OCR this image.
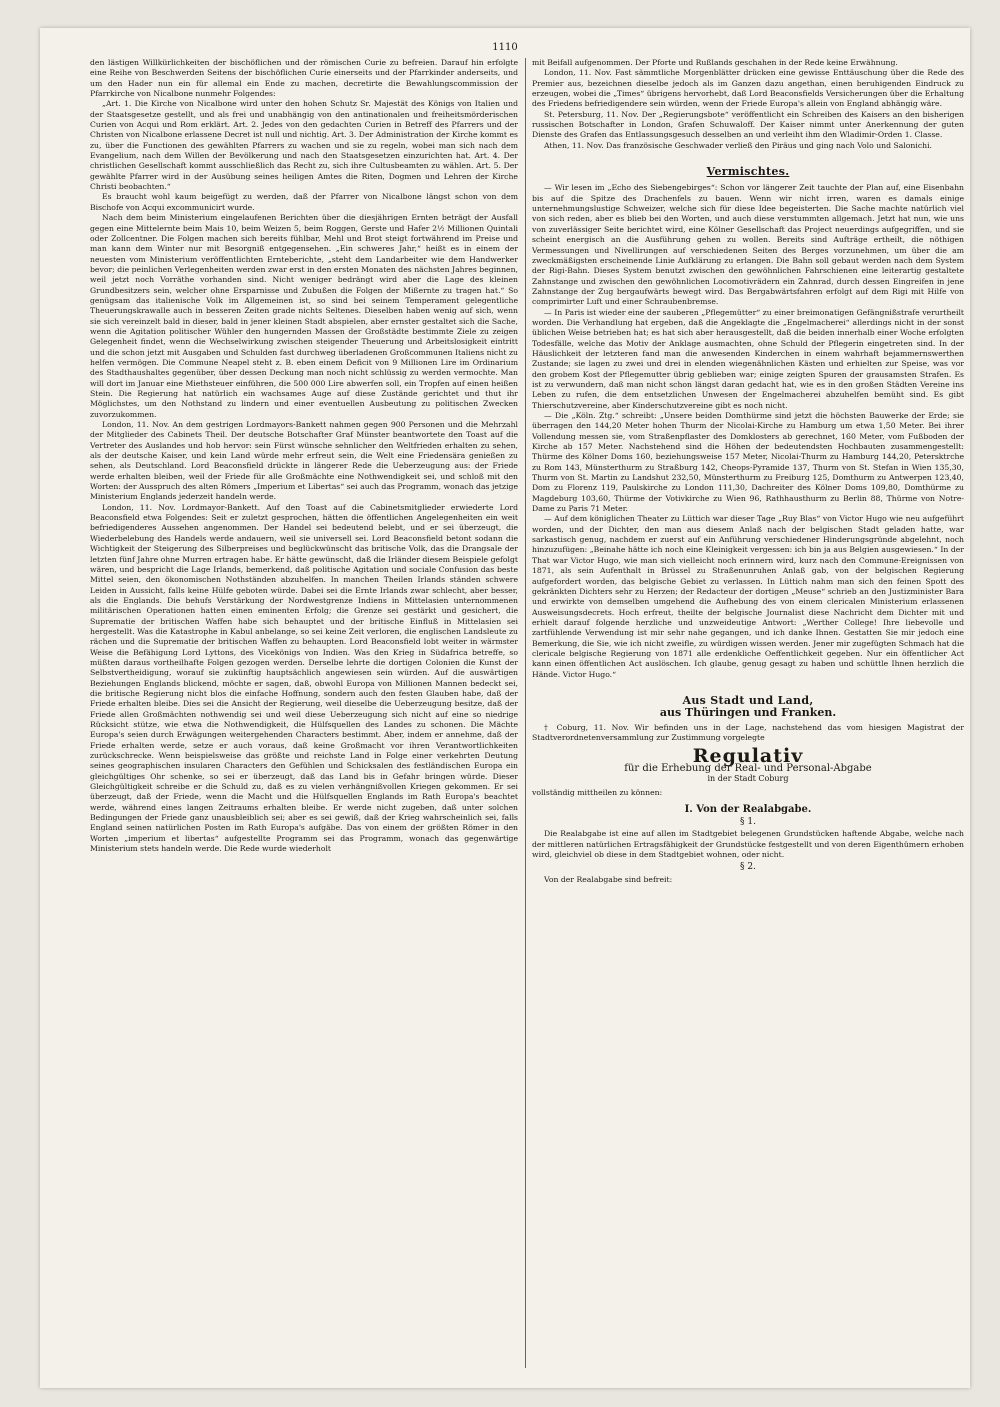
1110

den lästigen Willkürlichkeiten der bischöflichen und der römischen Curie zu befreien. Darauf hin erfolgte eine Reihe von Beschwerden Seitens der bischöflichen Curie einerseits und der Pfarrkinder anderseits, und um den Hader nun ein für allemal ein Ende zu machen, decretirte die Bewahlungscommission der Pfarrkirche von Nicalbone nunmehr Folgendes:

„Art. 1. Die Kirche von Nicalbone wird unter den hohen Schutz Sr. Majestät des Königs von Italien und der Staatsgesetze gestellt, und als frei und unabhängig von den antinationalen und freiheitsmörderischen Curien von Acqui und Rom erklärt. Art. 2. Jedes von den gedachten Curien in Betreff des Pfarrers und der Christen von Nicalbone erlassene Decret ist null und nichtig. Art. 3. Der Administration der Kirche kommt es zu, über die Functionen des gewählten Pfarrers zu wachen und sie zu regeln, wobei man sich nach dem Evangelium, nach dem Willen der Bevölkerung und nach den Staatsgesetzen einzurichten hat. Art. 4. Der christlichen Gesellschaft kommt ausschließlich das Recht zu, sich ihre Cultusbeamten zu wählen. Art. 5. Der gewählte Pfarrer wird in der Ausübung seines heiligen Amtes die Riten, Dogmen und Lehren der Kirche Christi beobachten.“

Es braucht wohl kaum beigefügt zu werden, daß der Pfarrer von Nicalbone längst schon von dem Bischofe von Acqui excommunicirt wurde.

Nach dem beim Ministerium eingelaufenen Berichten über die diesjährigen Ernten beträgt der Ausfall gegen eine Mittelernte beim Mais 10, beim Weizen 5, beim Roggen, Gerste und Hafer 2½ Millionen Quintali oder Zollcentner. Die Folgen machen sich bereits fühlbar, Mehl und Brot steigt fortwährend im Preise und man kann dem Winter nur mit Besorgniß entgegensehen. „Ein schweres Jahr,“ heißt es in einem der neuesten vom Ministerium veröffentlichten Ernteberichte, „steht dem Landarbeiter wie dem Handwerker bevor; die peinlichen Verlegenheiten werden zwar erst in den ersten Monaten des nächsten Jahres beginnen, weil jetzt noch Vorräthe vorhanden sind. Nicht weniger bedrängt wird aber die Lage des kleinen Grundbesitzers sein, welcher ohne Ersparnisse und Zubußen die Folgen der Mißernte zu tragen hat.“ So genügsam das italienische Volk im Allgemeinen ist, so sind bei seinem Temperament gelegentliche Theuerungskrawalle auch in besseren Zeiten grade nichts Seltenes. Dieselben haben wenig auf sich, wenn sie sich vereinzelt bald in dieser, bald in jener kleinen Stadt abspielen, aber ernster gestaltet sich die Sache, wenn die Agitation politischer Wühler den hungernden Massen der Großstädte bestimmte Ziele zu zeigen Gelegenheit findet, wenn die Wechselwirkung zwischen steigender Theuerung und Arbeitslosigkeit eintritt und die schon jetzt mit Ausgaben und Schulden fast durchweg überladenen Großcommunen Italiens nicht zu helfen vermögen. Die Commune Neapel steht z. B. eben einem Deficit von 9 Millionen Lire im Ordinarium des Stadthaushaltes gegenüber, über dessen Deckung man noch nicht schlüssig zu werden vermochte. Man will dort im Januar eine Miethsteuer einführen, die 500 000 Lire abwerfen soll, ein Tropfen auf einen heißen Stein. Die Regierung hat natürlich ein wachsames Auge auf diese Zustände gerichtet und thut ihr Möglichstes, um den Nothstand zu lindern und einer eventuellen Ausbeutung zu politischen Zwecken zuvorzukommen.

London, 11. Nov. An dem gestrigen Lordmayors-Bankett nahmen gegen 900 Personen und die Mehrzahl der Mitglieder des Cabinets Theil. Der deutsche Botschafter Graf Münster beantwortete den Toast auf die Vertreter des Auslandes und hob hervor: sein Fürst wünsche sehnlicher den Weltfrieden erhalten zu sehen, als der deutsche Kaiser, und kein Land würde mehr erfreut sein, die Welt eine Friedensära genießen zu sehen, als Deutschland. Lord Beaconsfield drückte in längerer Rede die Ueberzeugung aus: der Friede werde erhalten bleiben, weil der Friede für alle Großmächte eine Nothwendigkeit sei, und schloß mit den Worten: der Ausspruch des alten Römers „Imperium et Libertas“ sei auch das Programm, wonach das jetzige Ministerium Englands jederzeit handeln werde.

London, 11. Nov. Lordmayor-Bankett. Auf den Toast auf die Cabinetsmitglieder erwiederte Lord Beaconsfield etwa Folgendes: Seit er zuletzt gesprochen, hätten die öffentlichen Angelegenheiten ein weit befriedigenderes Aussehen angenommen. Der Handel sei bedeutend belebt, und er sei überzeugt, die Wiederbelebung des Handels werde andauern, weil sie universell sei. Lord Beaconsfield betont sodann die Wichtigkeit der Steigerung des Silberpreises und beglückwünscht das britische Volk, das die Drangsale der letzten fünf Jahre ohne Murren ertragen habe. Er hätte gewünscht, daß die Irländer diesem Beispiele gefolgt wären, und bespricht die Lage Irlands, bemerkend, daß politische Agitation und sociale Confusion das beste Mittel seien, den ökonomischen Nothständen abzuhelfen. In manchen Theilen Irlands ständen schwere Leiden in Aussicht, falls keine Hülfe geboten würde. Dabei sei die Ernte Irlands zwar schlecht, aber besser, als die Englands. Die behufs Verstärkung der Nordwestgrenze Indiens in Mittelasien unternommenen militärischen Operationen hatten einen eminenten Erfolg; die Grenze sei gestärkt und gesichert, die Suprematie der britischen Waffen habe sich behauptet und der britische Einfluß in Mittelasien sei hergestellt. Was die Katastrophe in Kabul anbelange, so sei keine Zeit verloren, die englischen Landsleute zu rächen und die Suprematie der britischen Waffen zu behaupten. Lord Beaconsfield lobt weiter in wärmster Weise die Befähigung Lord Lyttons, des Vicekönigs von Indien. Was den Krieg in Südafrica betreffe, so müßten daraus vortheilhafte Folgen gezogen werden. Derselbe lehrte die dortigen Colonien die Kunst der Selbstvertheidigung, worauf sie zukünftig hauptsächlich angewiesen sein würden. Auf die auswärtigen Beziehungen Englands blickend, möchte er sagen, daß, obwohl Europa von Millionen Mannen bedeckt sei, die britische Regierung nicht blos die einfache Hoffnung, sondern auch den festen Glauben habe, daß der Friede erhalten bleibe. Dies sei die Ansicht der Regierung, weil dieselbe die Ueberzeugung besitze, daß der Friede allen Großmächten nothwendig sei und weil diese Ueberzeugung sich nicht auf eine so niedrige Rücksicht stütze, wie etwa die Nothwendigkeit, die Hülfsquellen des Landes zu schonen. Die Mächte Europa's seien durch Erwägungen weitergehenden Characters bestimmt. Aber, indem er annehme, daß der Friede erhalten werde, setze er auch voraus, daß keine Großmacht vor ihren Verantwortlichkeiten zurückschrecke. Wenn beispielsweise das größte und reichste Land in Folge einer verkehrten Deutung seines geographischen insularen Characters den Gefühlen und Schicksalen des festländischen Europa ein gleichgültiges Ohr schenke, so sei er überzeugt, daß das Land bis in Gefahr bringen würde. Dieser Gleichgültigkeit schreibe er die Schuld zu, daß es zu vielen verhängnißvollen Kriegen gekommen. Er sei überzeugt, daß der Friede, wenn die Macht und die Hülfsquellen Englands im Rath Europa's beachtet werde, während eines langen Zeitraums erhalten bleibe. Er werde nicht zugeben, daß unter solchen Bedingungen der Friede ganz unausbleiblich sei; aber es sei gewiß, daß der Krieg wahrscheinlich sei, falls England seinen natürlichen Posten im Rath Europa's aufgäbe. Das von einem der größten Römer in den Worten „imperium et libertas“ aufgestellte Programm sei das Programm, wonach das gegenwärtige Ministerium stets handeln werde. Die Rede wurde wiederholt

mit Beifall aufgenommen. Der Pforte und Rußlands geschahen in der Rede keine Erwähnung.

London, 11. Nov. Fast sämmtliche Morgenblätter drücken eine gewisse Enttäuschung über die Rede des Premier aus, bezeichnen dieselbe jedoch als im Ganzen dazu angethan, einen beruhigenden Eindruck zu erzeugen, wobei die „Times“ übrigens hervorhebt, daß Lord Beaconsfields Versicherungen über die Erhaltung des Friedens befriedigendere sein würden, wenn der Friede Europa's allein von England abhängig wäre.

St. Petersburg, 11. Nov. Der „Regierungsbote“ veröffentlicht ein Schreiben des Kaisers an den bisherigen russischen Botschafter in London, Grafen Schuwaloff. Der Kaiser nimmt unter Anerkennung der guten Dienste des Grafen das Entlassungsgesuch desselben an und verleiht ihm den Wladimir-Orden 1. Classe.

Athen, 11. Nov. Das französische Geschwader verließ den Piräus und ging nach Volo und Salonichi.

Vermischtes.

— Wir lesen im „Echo des Siebengebirges“: Schon vor längerer Zeit tauchte der Plan auf, eine Eisenbahn bis auf die Spitze des Drachenfels zu bauen. Wenn wir nicht irren, waren es damals einige unternehmungslustige Schweizer, welche sich für diese Idee begeisterten. Die Sache machte natürlich viel von sich reden, aber es blieb bei den Worten, und auch diese verstummten allgemach. Jetzt hat nun, wie uns von zuverlässiger Seite berichtet wird, eine Kölner Gesellschaft das Project neuerdings aufgegriffen, und sie scheint energisch an die Ausführung gehen zu wollen. Bereits sind Aufträge ertheilt, die nöthigen Vermessungen und Nivellirungen auf verschiedenen Seiten des Berges vorzunehmen, um über die am zweckmäßigsten erscheinende Linie Aufklärung zu erlangen. Die Bahn soll gebaut werden nach dem System der Rigi-Bahn. Dieses System benutzt zwischen den gewöhnlichen Fahrschienen eine leiterartig gestaltete Zahnstange und zwischen den gewöhnlichen Locomotivrädern ein Zahnrad, durch dessen Eingreifen in jene Zahnstange der Zug bergaufwärts bewegt wird. Das Bergabwärtsfahren erfolgt auf dem Rigi mit Hilfe von comprimirter Luft und einer Schraubenbremse.

— In Paris ist wieder eine der sauberen „Pflegemütter“ zu einer breimonatigen Gefängnißstrafe verurtheilt worden. Die Verhandlung hat ergeben, daß die Angeklagte die „Engelmacherei“ allerdings nicht in der sonst üblichen Weise betrieben hat; es hat sich aber herausgestellt, daß die beiden innerhalb einer Woche erfolgten Todesfälle, welche das Motiv der Anklage ausmachten, ohne Schuld der Pflegerin eingetreten sind. In der Häuslichkeit der letzteren fand man die anwesenden Kinderchen in einem wahrhaft bejammernswerthen Zustande; sie lagen zu zwei und drei in elenden wiegenähnlichen Kästen und erhielten zur Speise, was vor den grobem Kost der Pflegemutter übrig geblieben war; einige zeigten Spuren der grausamsten Strafen. Es ist zu verwundern, daß man nicht schon längst daran gedacht hat, wie es in den großen Städten Vereine ins Leben zu rufen, die dem entsetzlichen Unwesen der Engelmacherei abzuhelfen bemüht sind. Es gibt Thierschutzvereine, aber Kinderschutzvereine gibt es noch nicht.

— Die „Köln. Ztg.“ schreibt: „Unsere beiden Domthürme sind jetzt die höchsten Bauwerke der Erde; sie überragen den 144,20 Meter hohen Thurm der Nicolai-Kirche zu Hamburg um etwa 1,50 Meter. Bei ihrer Vollendung messen sie, vom Straßenpflaster des Domklosters ab gerechnet, 160 Meter, vom Fußboden der Kirche ab 157 Meter. Nachstehend sind die Höhen der bedeutendsten Hochbauten zusammengestellt: Thürme des Kölner Doms 160, beziehungsweise 157 Meter, Nicolai-Thurm zu Hamburg 144,20, Petersktrche zu Rom 143, Münsterthurm zu Straßburg 142, Cheops-Pyramide 137, Thurm von St. Stefan in Wien 135,30, Thurm von St. Martin zu Landshut 232,50, Münsterthurm zu Freiburg 125, Domthurm zu Antwerpen 123,40, Dom zu Florenz 119, Paulskirche zu London 111,30, Dachreiter des Kölner Doms 109,80, Domthürme zu Magdeburg 103,60, Thürme der Votivkirche zu Wien 96, Rathhausthurm zu Berlin 88, Thürme von Notre-Dame zu Paris 71 Meter.

— Auf dem königlichen Theater zu Lüttich war dieser Tage „Ruy Blas“ von Victor Hugo wie neu aufgeführt worden, und der Dichter, den man aus diesem Anlaß nach der belgischen Stadt geladen hatte, war sarkastisch genug, nachdem er zuerst auf ein Anführung verschiedener Hinderungsgründe abgelehnt, noch hinzuzufügen: „Beinahe hätte ich noch eine Kleinigkeit vergessen: ich bin ja aus Belgien ausgewiesen.“ In der That war Victor Hugo, wie man sich vielleicht noch erinnern wird, kurz nach den Commune-Ereignissen von 1871, als sein Aufenthalt in Brüssel zu Straßenunruhen Anlaß gab, von der belgischen Regierung aufgefordert worden, das belgische Gebiet zu verlassen. In Lüttich nahm man sich den feinen Spott des gekränkten Dichters sehr zu Herzen; der Redacteur der dortigen „Meuse“ schrieb an den Justizminister Bara und erwirkte von demselben umgehend die Aufhebung des von einem clericalen Ministerium erlassenen Ausweisungsdecrets. Hoch erfreut, theilte der belgische Journalist diese Nachricht dem Dichter mit und erhielt darauf folgende herzliche und unzweideutige Antwort: „Werther College! Ihre liebevolle und zartfühlende Verwendung ist mir sehr nahe gegangen, und ich danke Ihnen. Gestatten Sie mir jedoch eine Bemerkung, die Sie, wie ich nicht zweifle, zu würdigen wissen werden. Jener mir zugefügten Schmach hat die clericale belgische Regierung von 1871 alle erdenkliche Oeffentlichkeit gegeben. Nur ein öffentlicher Act kann einen öffentlichen Act auslöschen. Ich glaube, genug gesagt zu haben und schüttle Ihnen herzlich die Hände. Victor Hugo.“

Aus Stadt und Land,
aus Thüringen und Franken.

† Coburg, 11. Nov. Wir befinden uns in der Lage, nachstehend das vom hiesigen Magistrat der Stadtverordnetenversammlung zur Zustimmung vorgelegte

Regulativ
für die Erhebung der Real- und Personal-Abgabe
in der Stadt Coburg

vollständig mittheilen zu können:

I. Von der Realabgabe.
§ 1.

Die Realabgabe ist eine auf allen im Stadtgebiet belegenen Grundstücken haftende Abgabe, welche nach der mittleren natürlichen Ertragsfähigkeit der Grundstücke festgestellt und von deren Eigenthümern erhoben wird, gleichviel ob diese in dem Stadtgebiet wohnen, oder nicht.

§ 2.

Von der Realabgabe sind befreit:
